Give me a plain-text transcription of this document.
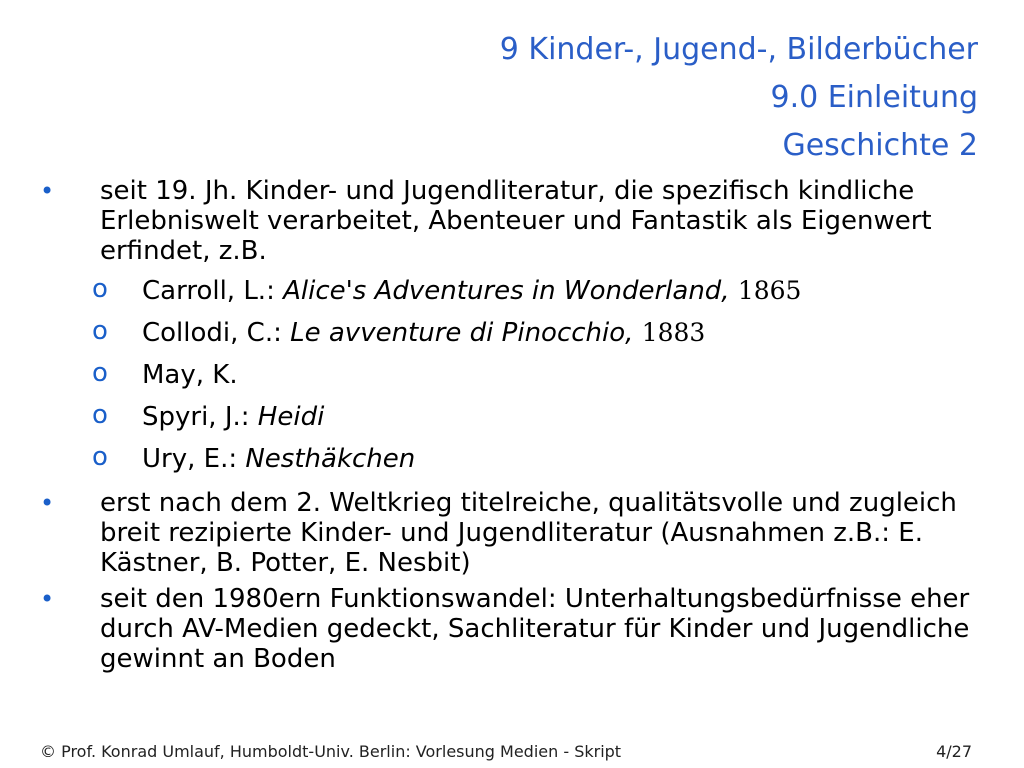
9 Kinder-, Jugend-, Bilderbücher
9.0 Einleitung
Geschichte 2
• seit 19. Jh. Kinder- und Jugendliteratur, die spezifisch kindliche Erlebniswelt verarbeitet, Abenteuer und Fantastik als Eigenwert erfindet, z.B.
o Carroll, L.: Alice's Adventures in Wonderland, 1865
o Collodi, C.: Le avventure di Pinocchio, 1883
o May, K.
o Spyri, J.: Heidi
o Ury, E.: Nesthäkchen
• erst nach dem 2. Weltkrieg titelreiche, qualitätsvolle und zugleich breit rezipierte Kinder- und Jugendliteratur (Ausnahmen z.B.: E. Kästner, B. Potter, E. Nesbit)
• seit den 1980ern Funktionswandel: Unterhaltungsbedürfnisse eher durch AV-Medien gedeckt, Sachliteratur für Kinder und Jugendliche gewinnt an Boden
© Prof. Konrad Umlauf, Humboldt-Univ. Berlin: Vorlesung Medien - Skript	4/27
